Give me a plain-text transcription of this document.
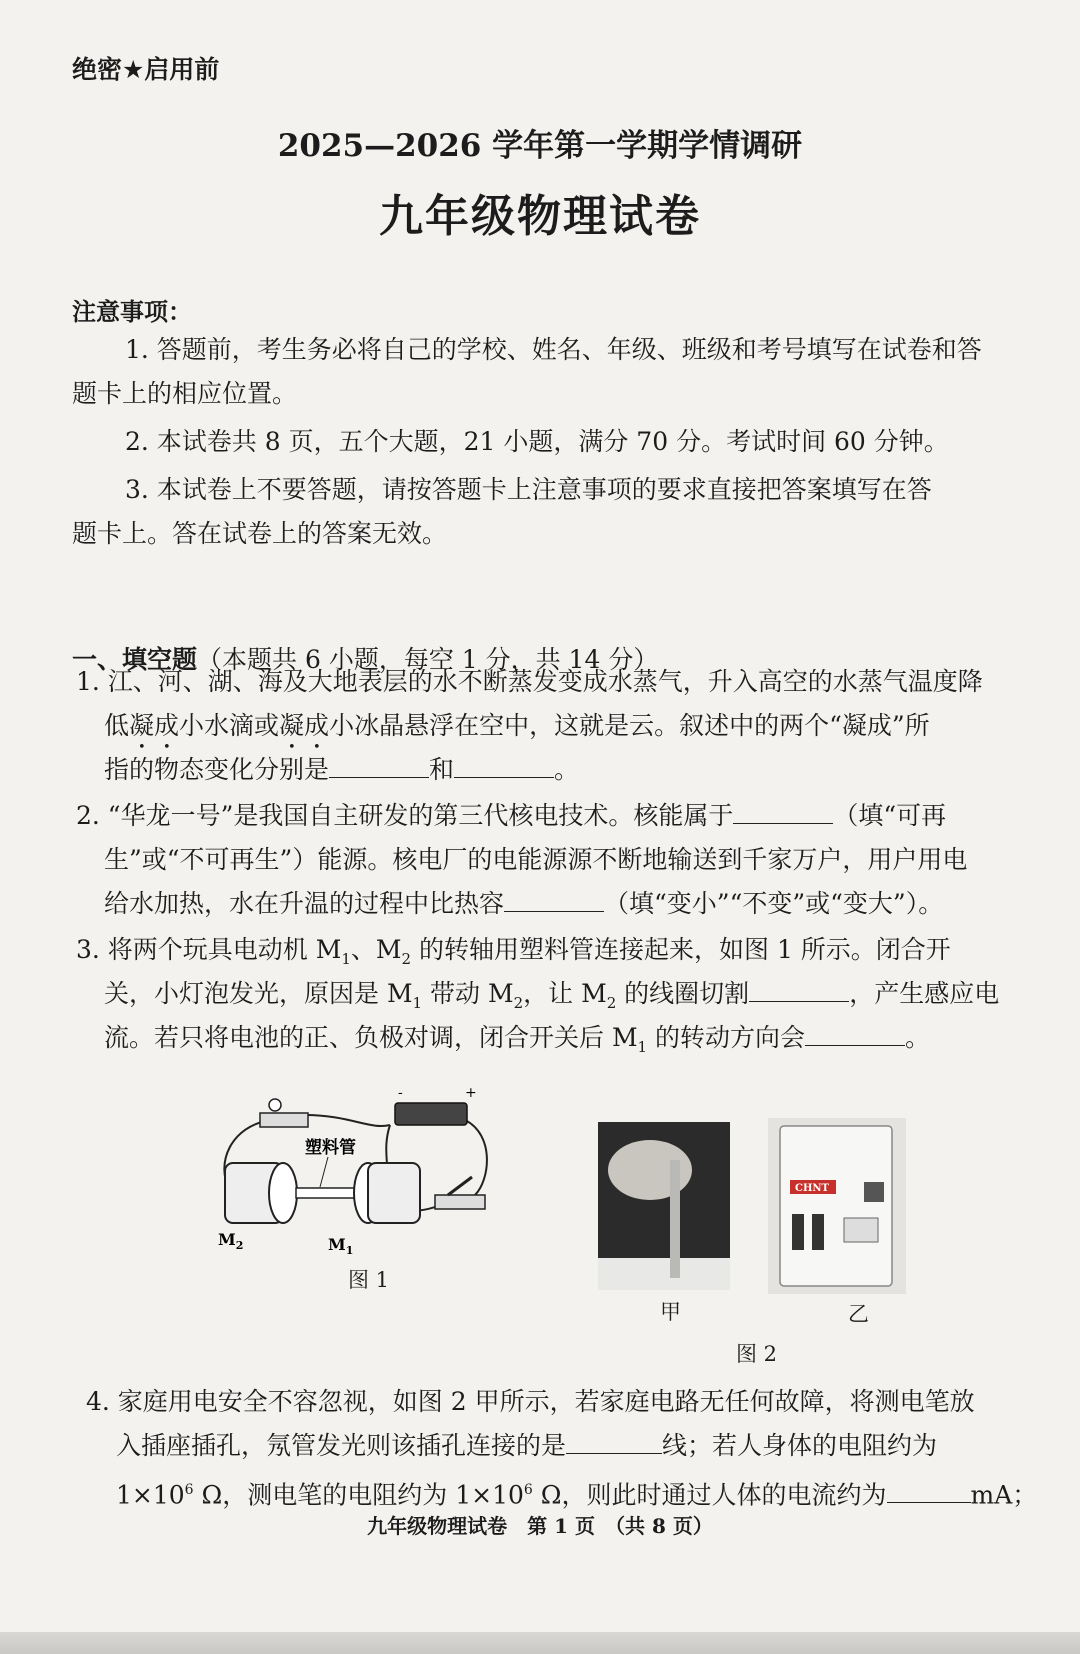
绝密★启用前
2025—2026 学年第一学期学情调研
九年级物理试卷
注意事项：
1. 答题前，考生务必将自己的学校、姓名、年级、班级和考号填写在试卷和答
题卡上的相应位置。
2. 本试卷共 8 页，五个大题，21 小题，满分 70 分。考试时间 60 分钟。
3. 本试卷上不要答题，请按答题卡上注意事项的要求直接把答案填写在答
题卡上。答在试卷上的答案无效。
一、填空题（本题共 6 小题，每空 1 分，共 14 分）
1. 江、河、湖、海及大地表层的水不断蒸发变成水蒸气，升入高空的水蒸气温度降
低凝成小水滴或凝成小冰晶悬浮在空中，这就是云。叙述中的两个“凝成”所
指的物态变化分别是	和	。
2. “华龙一号”是我国自主研发的第三代核电技术。核能属于	（填“可再
生”或“不可再生”）能源。核电厂的电能源源不断地输送到千家万户，用户用电
给水加热，水在升温的过程中比热容	（填“变小”“不变”或“变大”）。
3. 将两个玩具电动机 $M_1$、$M_2$ 的转轴用塑料管连接起来，如图 1 所示。闭合开
关，小灯泡发光，原因是 $M_1$ 带动 $M_2$，让 $M_2$ 的线圈切割	，产生感应电
流。若只将电池的正、负极对调，闭合开关后 $M_1$ 的转动方向会	。
-	+
塑料管
$M_2$	$M_1$
图 1
甲
CHNT
乙
图 2
4. 家庭用电安全不容忽视，如图 2 甲所示，若家庭电路无任何故障，将测电笔放
入插座插孔，氖管发光则该插孔连接的是	线；若人身体的电阻约为
$1\times 10^6$ Ω，测电笔的电阻约为 $1\times 10^6$ Ω，则此时通过人体的电流约为	mA；
九年级物理试卷　第 1 页　（共 8 页）
